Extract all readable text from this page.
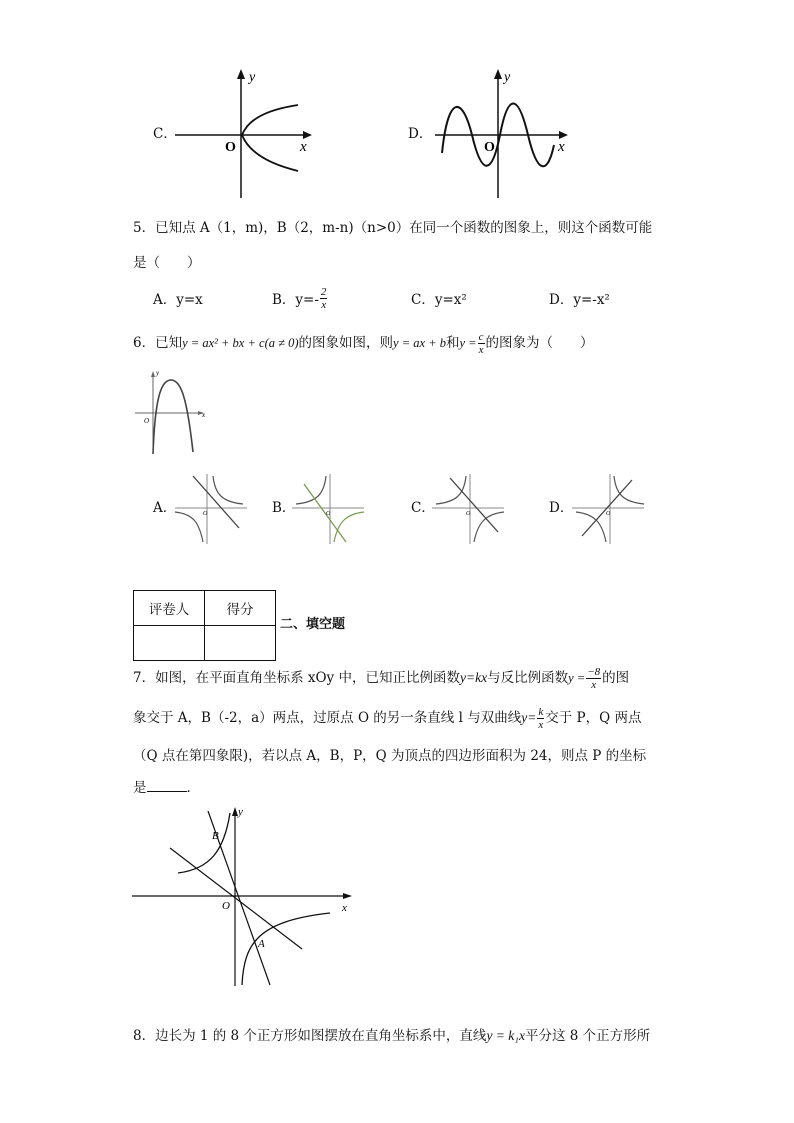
C．
y
x
O
D．
y
x
O
5．已知点 A（1，m)，B（2，m-n)（n>0）在同一个函数的图象上，则这个函数可能
是（　　）
A．y=x	B．$y=- \frac{2}{x}$	C．y=x²	D．y=-x²
6．已知y = ax² + bx + c(a ≠ 0)的图象如图，则y = ax + b和$y = \frac{c}{x}$ 的图象为（　　）
y
x
O
A．	B．	C．	D．
O	O	O	O
评卷人	得分

二、填空题
7．如图，在平面直角坐标系 xOy 中，已知正比例函数y=kx与反比例函数$y = \frac{-8}{x}$ 的图
象交于 A，B（-2，a）两点，过原点 O 的另一条直线 l 与双曲线$y= \frac{k}{x}$ 交于 P，Q 两点
（Q 点在第四象限)，若以点 A，B，P，Q 为顶点的四边形面积为 24，则点 P 的坐标
是	．
y
x
O
B
A
8．边长为 1 的 8 个正方形如图摆放在直角坐标系中，直线y = k₁x平分这 8 个正方形所
